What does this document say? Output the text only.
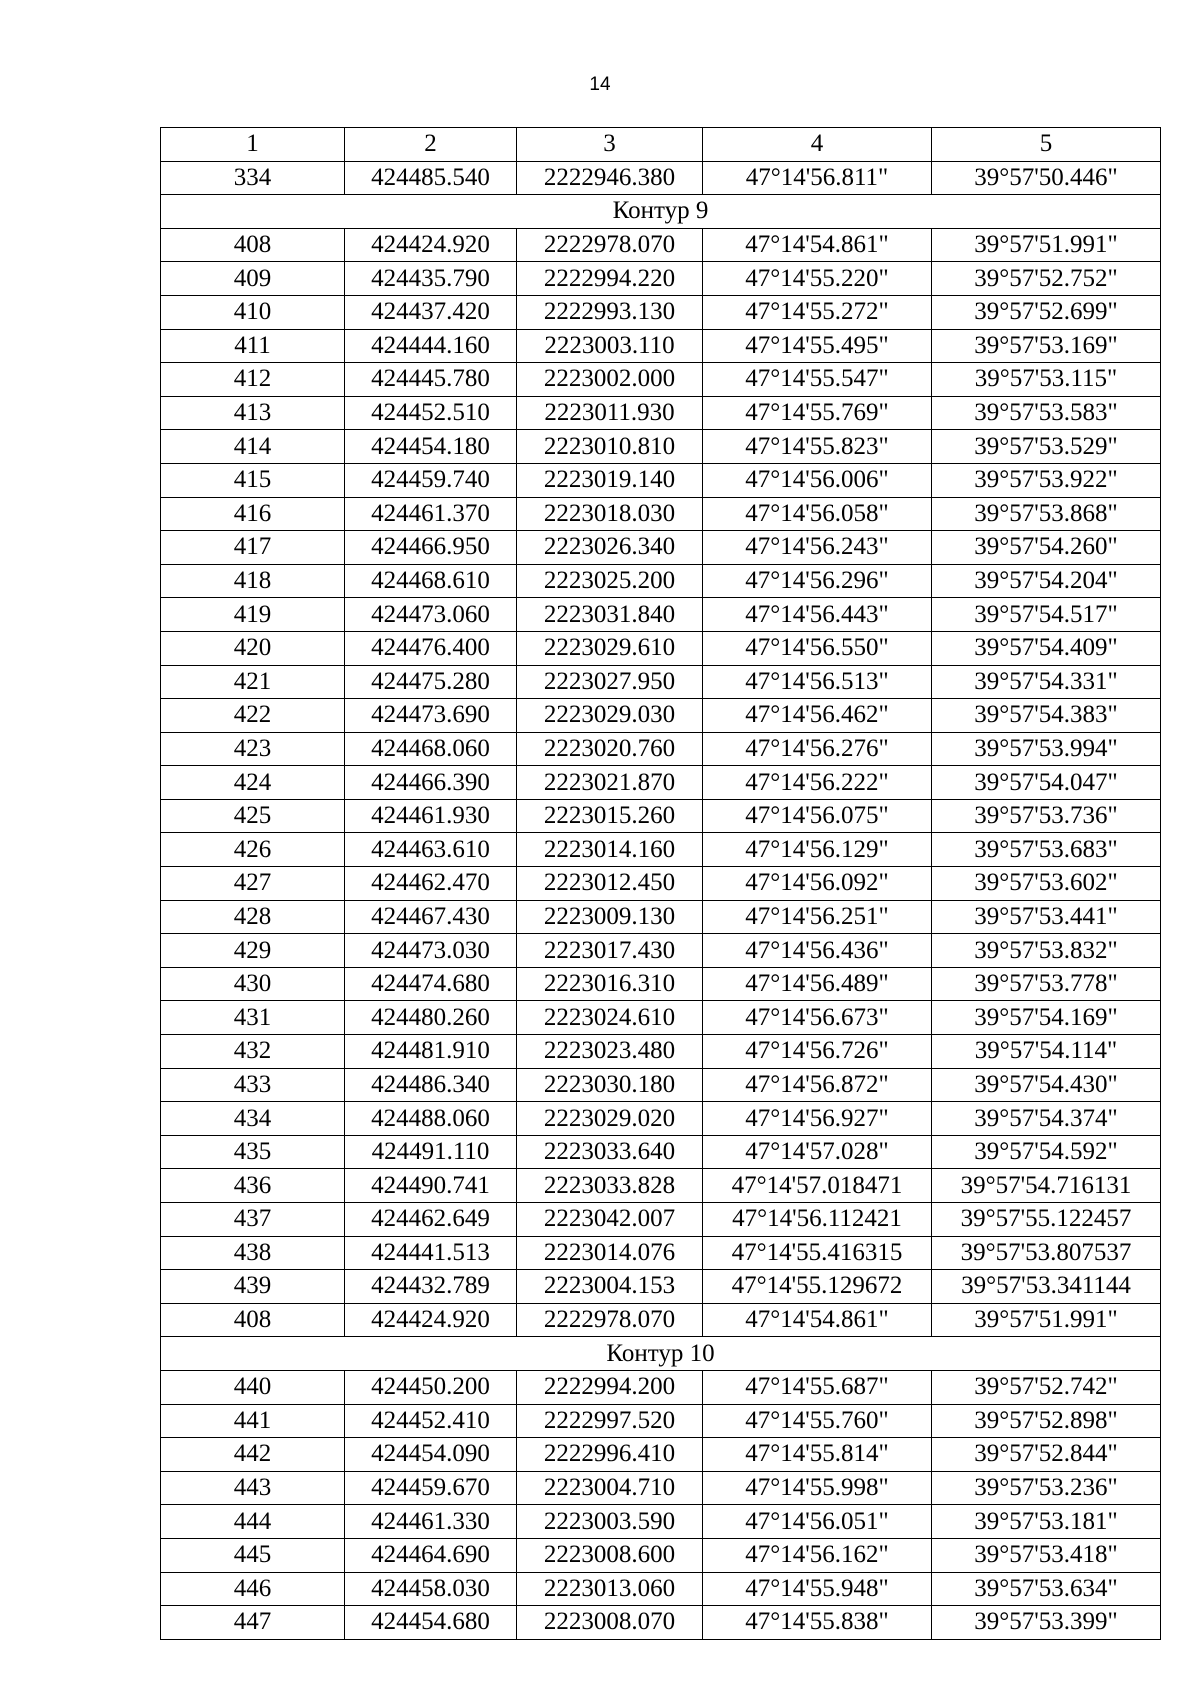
14
1	2	3	4	5
334	424485.540	2222946.380	47°14'56.811"	39°57'50.446"
Контур 9				
408	424424.920	2222978.070	47°14'54.861"	39°57'51.991"
409	424435.790	2222994.220	47°14'55.220"	39°57'52.752"
410	424437.420	2222993.130	47°14'55.272"	39°57'52.699"
411	424444.160	2223003.110	47°14'55.495"	39°57'53.169"
412	424445.780	2223002.000	47°14'55.547"	39°57'53.115"
413	424452.510	2223011.930	47°14'55.769"	39°57'53.583"
414	424454.180	2223010.810	47°14'55.823"	39°57'53.529"
415	424459.740	2223019.140	47°14'56.006"	39°57'53.922"
416	424461.370	2223018.030	47°14'56.058"	39°57'53.868"
417	424466.950	2223026.340	47°14'56.243"	39°57'54.260"
418	424468.610	2223025.200	47°14'56.296"	39°57'54.204"
419	424473.060	2223031.840	47°14'56.443"	39°57'54.517"
420	424476.400	2223029.610	47°14'56.550"	39°57'54.409"
421	424475.280	2223027.950	47°14'56.513"	39°57'54.331"
422	424473.690	2223029.030	47°14'56.462"	39°57'54.383"
423	424468.060	2223020.760	47°14'56.276"	39°57'53.994"
424	424466.390	2223021.870	47°14'56.222"	39°57'54.047"
425	424461.930	2223015.260	47°14'56.075"	39°57'53.736"
426	424463.610	2223014.160	47°14'56.129"	39°57'53.683"
427	424462.470	2223012.450	47°14'56.092"	39°57'53.602"
428	424467.430	2223009.130	47°14'56.251"	39°57'53.441"
429	424473.030	2223017.430	47°14'56.436"	39°57'53.832"
430	424474.680	2223016.310	47°14'56.489"	39°57'53.778"
431	424480.260	2223024.610	47°14'56.673"	39°57'54.169"
432	424481.910	2223023.480	47°14'56.726"	39°57'54.114"
433	424486.340	2223030.180	47°14'56.872"	39°57'54.430"
434	424488.060	2223029.020	47°14'56.927"	39°57'54.374"
435	424491.110	2223033.640	47°14'57.028"	39°57'54.592"
436	424490.741	2223033.828	47°14'57.018471	39°57'54.716131
437	424462.649	2223042.007	47°14'56.112421	39°57'55.122457
438	424441.513	2223014.076	47°14'55.416315	39°57'53.807537
439	424432.789	2223004.153	47°14'55.129672	39°57'53.341144
408	424424.920	2222978.070	47°14'54.861"	39°57'51.991"
Контур 10				
440	424450.200	2222994.200	47°14'55.687"	39°57'52.742"
441	424452.410	2222997.520	47°14'55.760"	39°57'52.898"
442	424454.090	2222996.410	47°14'55.814"	39°57'52.844"
443	424459.670	2223004.710	47°14'55.998"	39°57'53.236"
444	424461.330	2223003.590	47°14'56.051"	39°57'53.181"
445	424464.690	2223008.600	47°14'56.162"	39°57'53.418"
446	424458.030	2223013.060	47°14'55.948"	39°57'53.634"
447	424454.680	2223008.070	47°14'55.838"	39°57'53.399"
